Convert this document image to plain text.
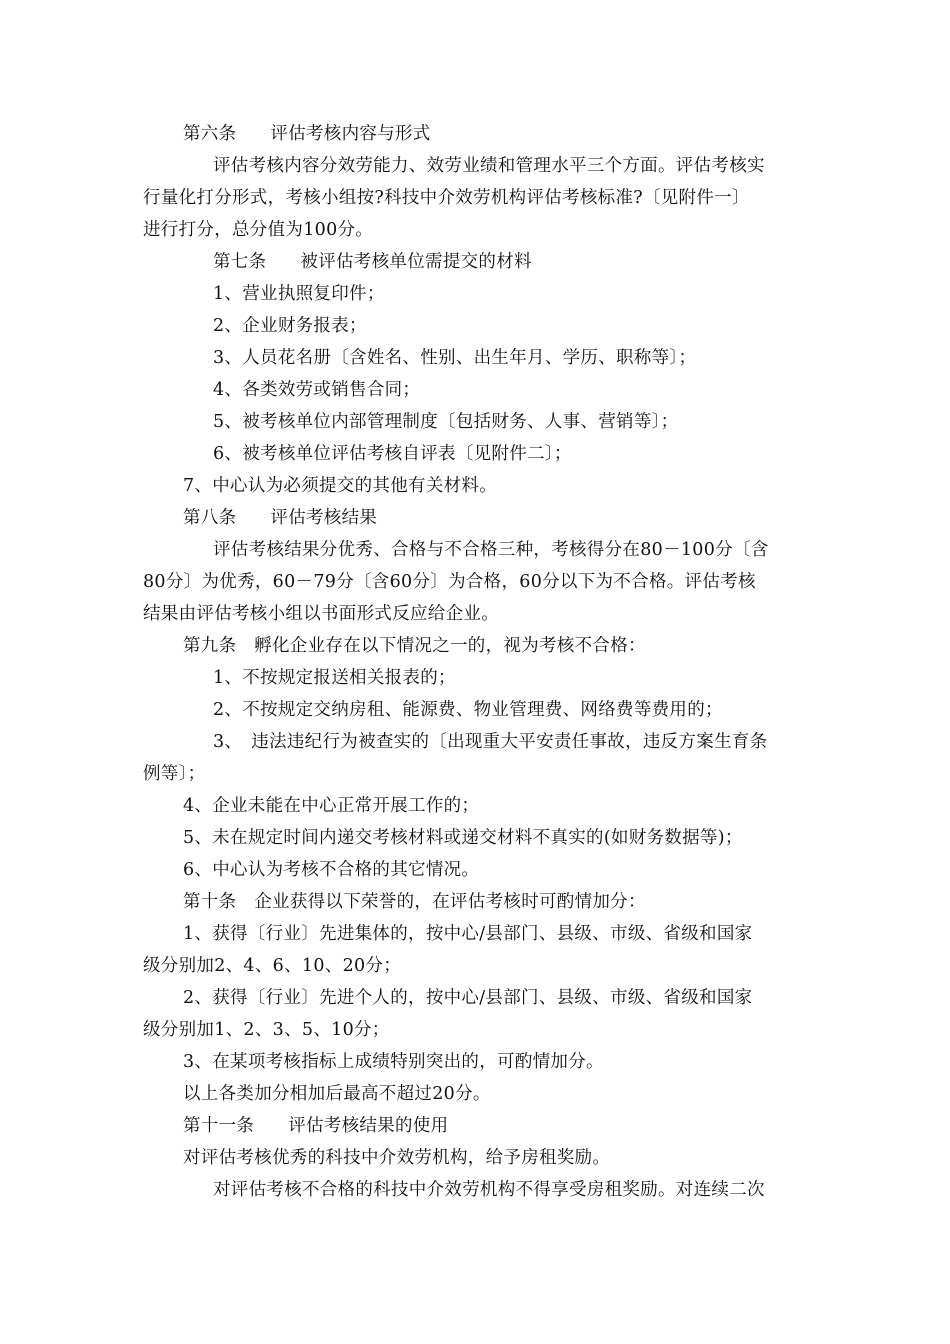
第六条 评估考核内容与形式
评估考核内容分效劳能力、效劳业绩和管理水平三个方面。评估考核实
行量化打分形式，考核小组按?科技中介效劳机构评估考核标准?〔见附件一〕
进行打分，总分值为100分。
第七条 被评估考核单位需提交的材料
1、营业执照复印件；
2、企业财务报表；
3、人员花名册〔含姓名、性别、出生年月、学历、职称等〕；
4、各类效劳或销售合同；
5、被考核单位内部管理制度〔包括财务、人事、营销等〕；
6、被考核单位评估考核自评表〔见附件二〕；
7、中心认为必须提交的其他有关材料。
第八条 评估考核结果
评估考核结果分优秀、合格与不合格三种，考核得分在80－100分〔含
80分〕为优秀，60－79分〔含60分〕为合格，60分以下为不合格。评估考核
结果由评估考核小组以书面形式反应给企业。
第九条　孵化企业存在以下情况之一的，视为考核不合格：
1、不按规定报送相关报表的；
2、不按规定交纳房租、能源费、物业管理费、网络费等费用的；
3、　违法违纪行为被查实的〔出现重大平安责任事故，违反方案生育条
例等〕；
4、企业未能在中心正常开展工作的；
5、未在规定时间内递交考核材料或递交材料不真实的(如财务数据等)；
6、中心认为考核不合格的其它情况。
第十条　企业获得以下荣誉的，在评估考核时可酌情加分：
1、获得〔行业〕先进集体的，按中心/县部门、县级、市级、省级和国家
级分别加2、4、6、10、20分；
2、获得〔行业〕先进个人的，按中心/县部门、县级、市级、省级和国家
级分别加1、2、3、5、10分；
3、在某项考核指标上成绩特别突出的，可酌情加分。
以上各类加分相加后最高不超过20分。
第十一条 评估考核结果的使用
对评估考核优秀的科技中介效劳机构，给予房租奖励。
对评估考核不合格的科技中介效劳机构不得享受房租奖励。对连续二次
